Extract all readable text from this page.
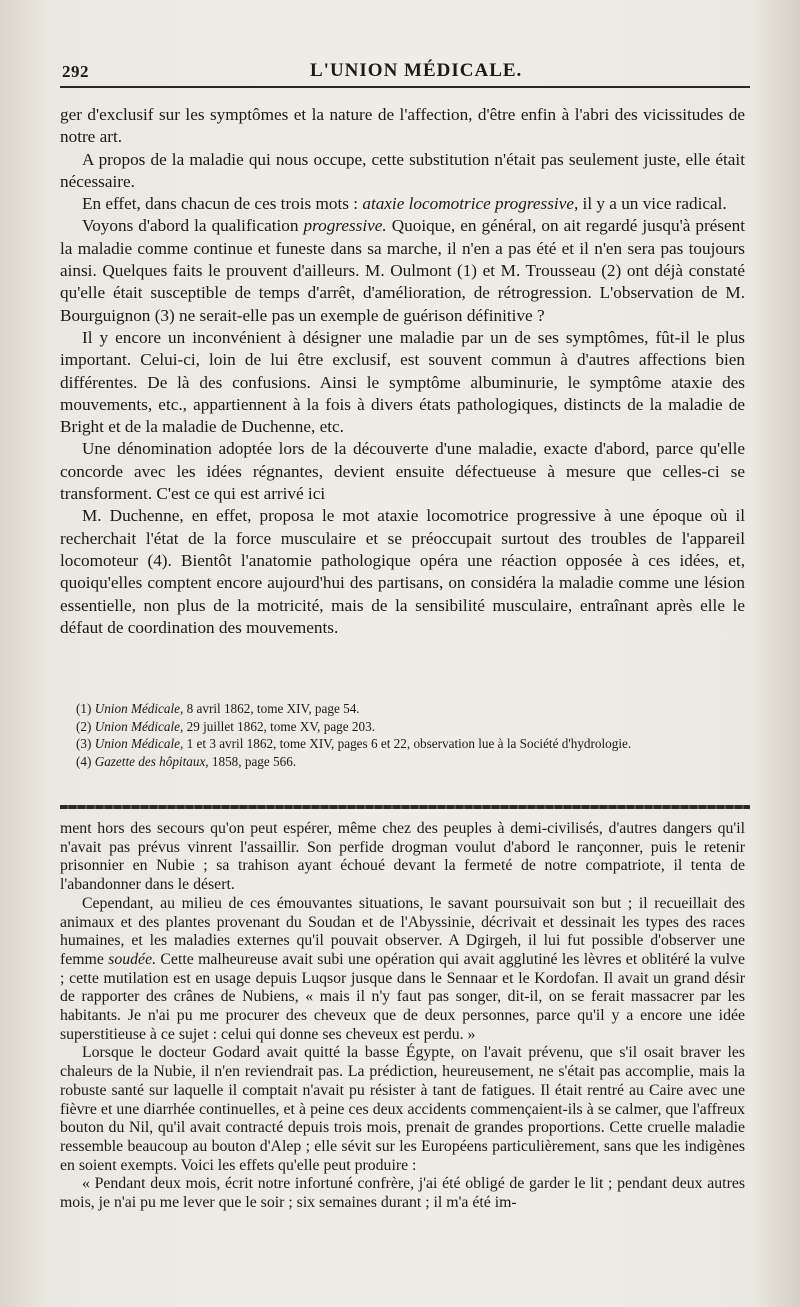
292	L'UNION MÉDICALE.

ger d'exclusif sur les symptômes et la nature de l'affection, d'être enfin à l'abri des vicissitudes de notre art.

A propos de la maladie qui nous occupe, cette substitution n'était pas seulement juste, elle était nécessaire.

En effet, dans chacun de ces trois mots : ataxie locomotrice progressive, il y a un vice radical.

Voyons d'abord la qualification progressive. Quoique, en général, on ait regardé jusqu'à présent la maladie comme continue et funeste dans sa marche, il n'en a pas été et il n'en sera pas toujours ainsi. Quelques faits le prouvent d'ailleurs. M. Oulmont (1) et M. Trousseau (2) ont déjà constaté qu'elle était susceptible de temps d'arrêt, d'amélioration, de rétrogression. L'observation de M. Bourguignon (3) ne serait-elle pas un exemple de guérison définitive ?

Il y encore un inconvénient à désigner une maladie par un de ses symptômes, fût-il le plus important. Celui-ci, loin de lui être exclusif, est souvent commun à d'autres affections bien différentes. De là des confusions. Ainsi le symptôme albuminurie, le symptôme ataxie des mouvements, etc., appartiennent à la fois à divers états pathologiques, distincts de la maladie de Bright et de la maladie de Duchenne, etc.

Une dénomination adoptée lors de la découverte d'une maladie, exacte d'abord, parce qu'elle concorde avec les idées régnantes, devient ensuite défectueuse à mesure que celles-ci se transforment. C'est ce qui est arrivé ici

M. Duchenne, en effet, proposa le mot ataxie locomotrice progressive à une époque où il recherchait l'état de la force musculaire et se préoccupait surtout des troubles de l'appareil locomoteur (4). Bientôt l'anatomie pathologique opéra une réaction opposée à ces idées, et, quoiqu'elles comptent encore aujourd'hui des partisans, on considéra la maladie comme une lésion essentielle, non plus de la motricité, mais de la sensibilité musculaire, entraînant après elle le défaut de coordination des mouvements.

(1) Union Médicale, 8 avril 1862, tome XIV, page 54.

(2) Union Médicale, 29 juillet 1862, tome XV, page 203.

(3) Union Médicale, 1 et 3 avril 1862, tome XIV, pages 6 et 22, observation lue à la Société d'hydrologie.

(4) Gazette des hôpitaux, 1858, page 566.

ment hors des secours qu'on peut espérer, même chez des peuples à demi-civilisés, d'autres dangers qu'il n'avait pas prévus vinrent l'assaillir. Son perfide drogman voulut d'abord le rançonner, puis le retenir prisonnier en Nubie ; sa trahison ayant échoué devant la fermeté de notre compatriote, il tenta de l'abandonner dans le désert.

Cependant, au milieu de ces émouvantes situations, le savant poursuivait son but ; il recueillait des animaux et des plantes provenant du Soudan et de l'Abyssinie, décrivait et dessinait les types des races humaines, et les maladies externes qu'il pouvait observer. A Dgirgeh, il lui fut possible d'observer une femme soudée. Cette malheureuse avait subi une opération qui avait agglutiné les lèvres et oblitéré la vulve ; cette mutilation est en usage depuis Luqsor jusque dans le Sennaar et le Kordofan. Il avait un grand désir de rapporter des crânes de Nubiens, « mais il n'y faut pas songer, dit-il, on se ferait massacrer par les habitants. Je n'ai pu me procurer des cheveux que de deux personnes, parce qu'il y a encore une idée superstitieuse à ce sujet : celui qui donne ses cheveux est perdu. »

Lorsque le docteur Godard avait quitté la basse Égypte, on l'avait prévenu, que s'il osait braver les chaleurs de la Nubie, il n'en reviendrait pas. La prédiction, heureusement, ne s'était pas accomplie, mais la robuste santé sur laquelle il comptait n'avait pu résister à tant de fatigues. Il était rentré au Caire avec une fièvre et une diarrhée continuelles, et à peine ces deux accidents commençaient-ils à se calmer, que l'affreux bouton du Nil, qu'il avait contracté depuis trois mois, prenait de grandes proportions. Cette cruelle maladie ressemble beaucoup au bouton d'Alep ; elle sévit sur les Européens particulièrement, sans que les indigènes en soient exempts. Voici les effets qu'elle peut produire :

« Pendant deux mois, écrit notre infortuné confrère, j'ai été obligé de garder le lit ; pendant deux autres mois, je n'ai pu me lever que le soir ; six semaines durant ; il m'a été im-
